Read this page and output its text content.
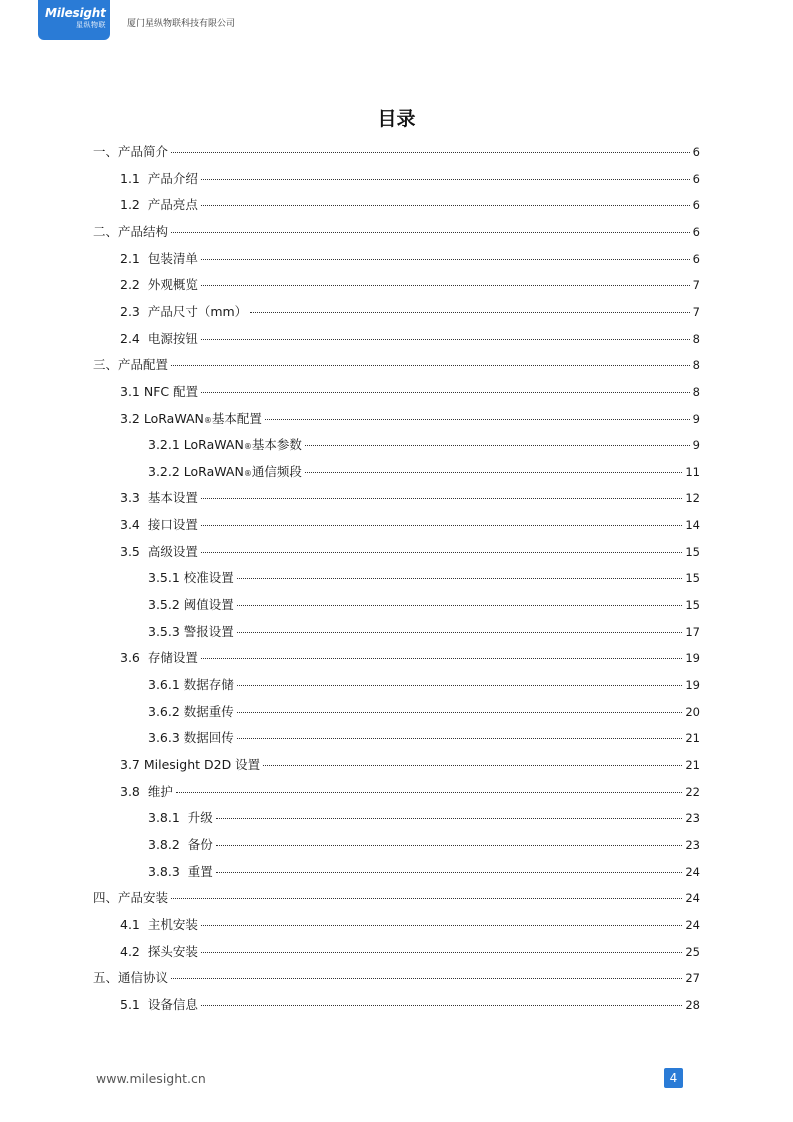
Milesight
星纵物联	厦门星纵物联科技有限公司
目录
一、产品简介	6
1.1  产品介绍	6
1.2  产品亮点	6
二、产品结构	6
2.1  包装清单	6
2.2  外观概览	7
2.3  产品尺寸（mm）	7
2.4  电源按钮	8
三、产品配置	8
3.1 NFC 配置	8
3.2 LoRaWAN ® 基本配置	9
3.2.1 LoRaWAN ® 基本参数	9
3.2.2 LoRaWAN ® 通信频段	11
3.3  基本设置	12
3.4  接口设置	14
3.5  高级设置	15
3.5.1 校准设置	15
3.5.2 阈值设置	15
3.5.3 警报设置	17
3.6  存储设置	19
3.6.1 数据存储	19
3.6.2 数据重传	20
3.6.3 数据回传	21
3.7 Milesight D2D 设置	21
3.8  维护	22
3.8.1  升级	23
3.8.2  备份	23
3.8.3  重置	24
四、产品安装	24
4.1  主机安装	24
4.2  探头安装	25
五、通信协议	27
5.1  设备信息	28
www.milesight.cn	4
